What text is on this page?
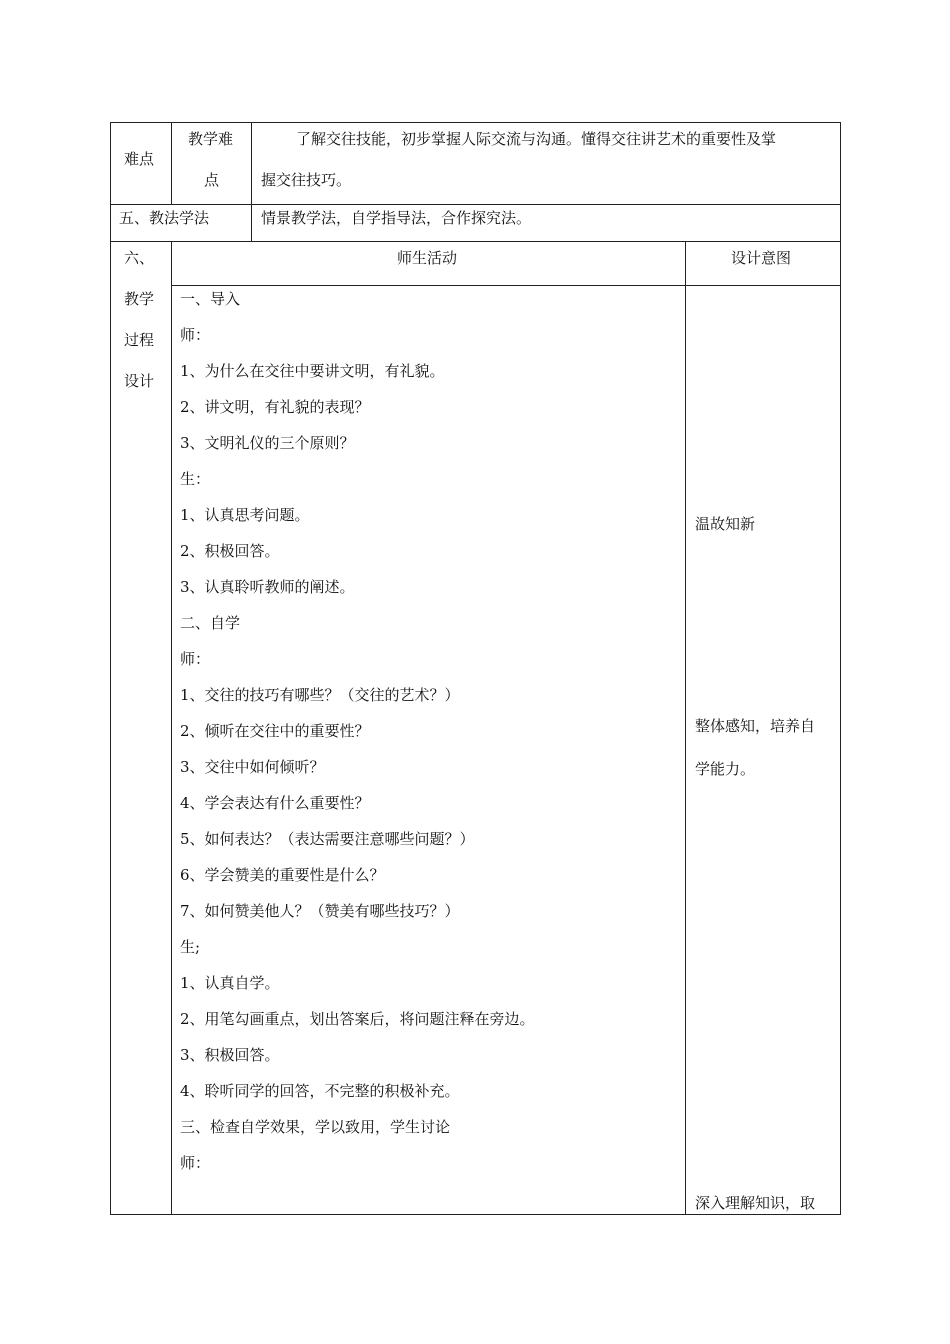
难点
教学难
点
了解交往技能，初步掌握人际交流与沟通。懂得交往讲艺术的重要性及掌
握交往技巧。
五、教法学法	情景教学法，自学指导法，合作探究法。
六、
教学
过程
设计
师生活动	设计意图
一、导入
师：
1、为什么在交往中要讲文明，有礼貌。
2、讲文明，有礼貌的表现？
3、文明礼仪的三个原则？
生：
1、认真思考问题。
2、积极回答。
3、认真聆听教师的阐述。
二、自学
师：
1、交往的技巧有哪些？（交往的艺术？）
2、倾听在交往中的重要性？
3、交往中如何倾听？
4、学会表达有什么重要性？
5、如何表达？（表达需要注意哪些问题？）
6、学会赞美的重要性是什么？
7、如何赞美他人？（赞美有哪些技巧？）
生;
1、认真自学。
2、用笔勾画重点，划出答案后，将问题注释在旁边。
3、积极回答。
4、聆听同学的回答，不完整的积极补充。
三、检查自学效果，学以致用，学生讨论
师：
温故知新
整体感知，培养自
学能力。
深入理解知识，取
